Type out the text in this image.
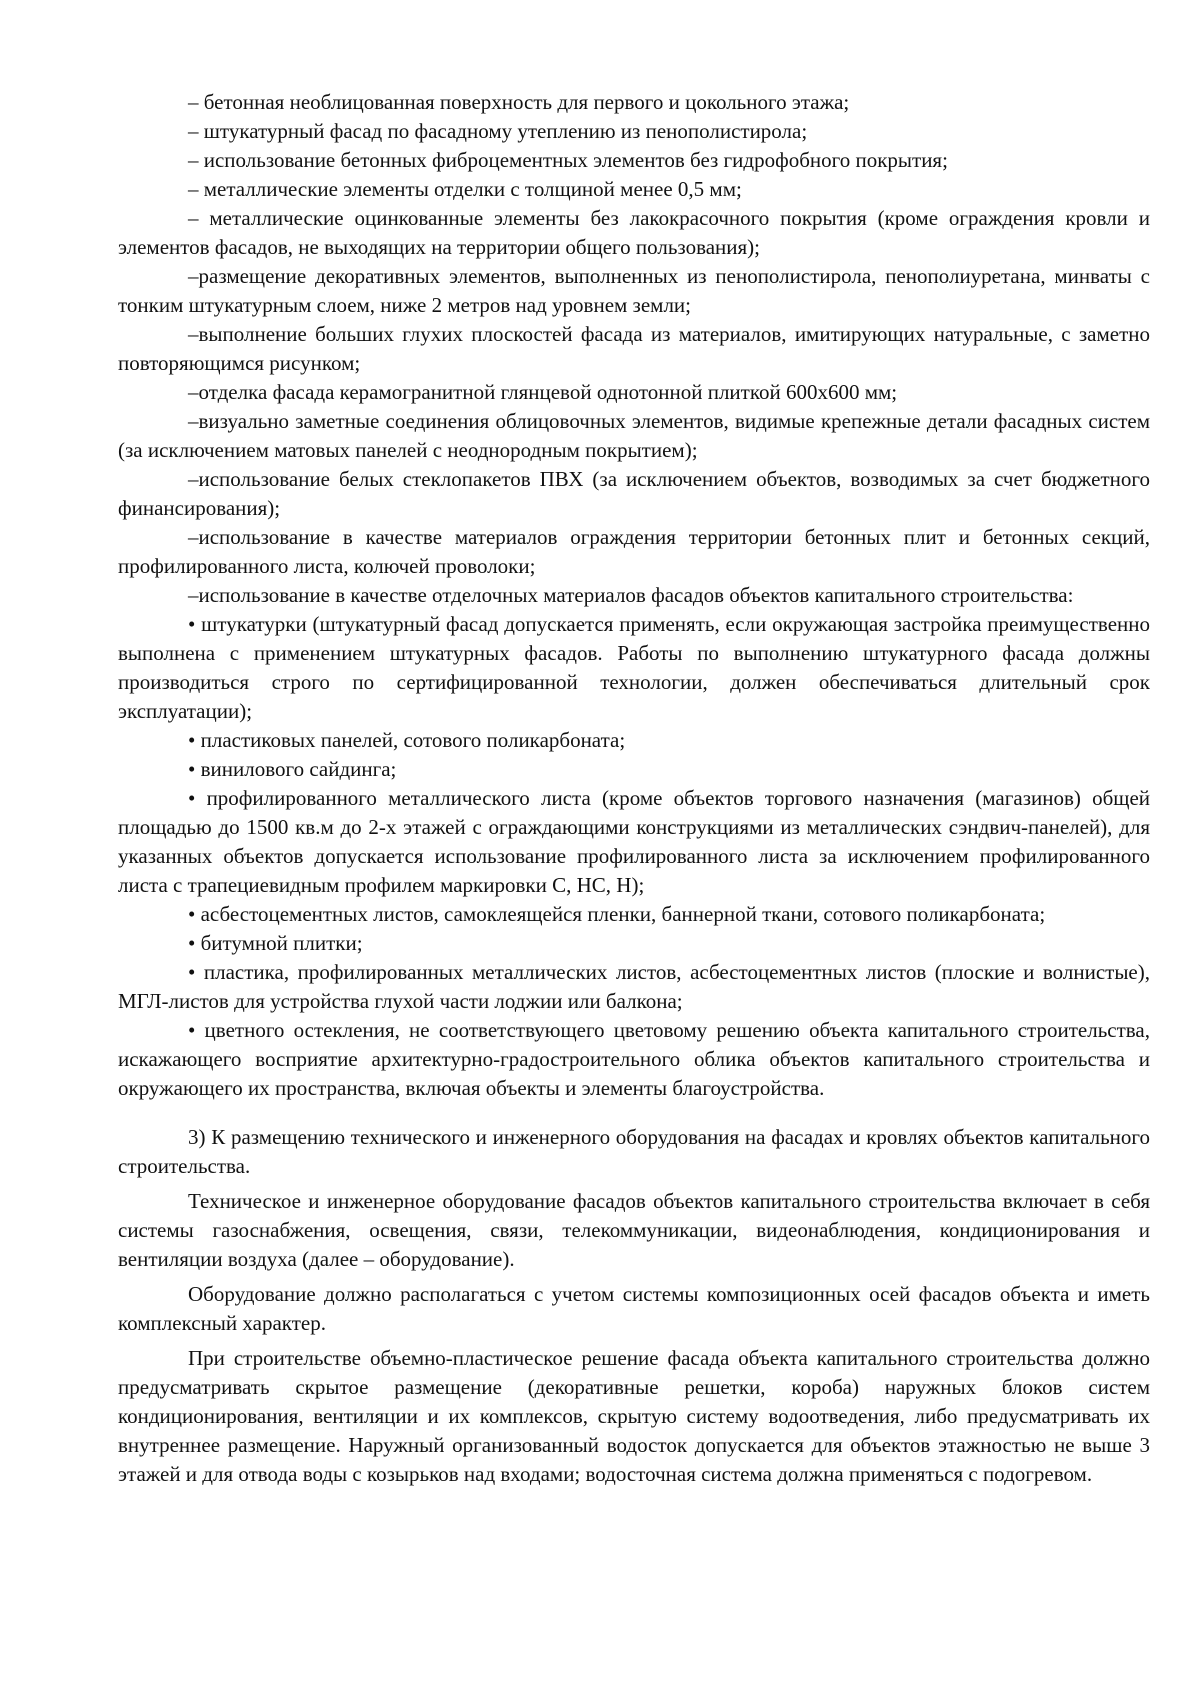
– бетонная необлицованная поверхность для первого и цокольного этажа;

– штукатурный фасад по фасадному утеплению из пенополистирола;

– использование бетонных фиброцементных элементов без гидрофобного покрытия;

– металлические элементы отделки с толщиной менее 0,5 мм;

– металлические оцинкованные элементы без лакокрасочного покрытия (кроме ограждения кровли и элементов фасадов, не выходящих на территории общего пользования);

–размещение декоративных элементов, выполненных из пенополистирола, пенополиуретана, минваты с тонким штукатурным слоем, ниже 2 метров над уровнем земли;

–выполнение больших глухих плоскостей фасада из материалов, имитирующих натуральные, с заметно повторяющимся рисунком;

–отделка фасада керамогранитной глянцевой однотонной плиткой 600х600 мм;

–визуально заметные соединения облицовочных элементов, видимые крепежные детали фасадных систем (за исключением матовых панелей с неоднородным покрытием);

–использование белых стеклопакетов ПВХ (за исключением объектов, возводимых за счет бюджетного финансирования);

–использование в качестве материалов ограждения территории бетонных плит и бетонных секций, профилированного листа, колючей проволоки;

–использование в качестве отделочных материалов фасадов объектов капитального строительства:

• штукатурки (штукатурный фасад допускается применять, если окружающая застройка преимущественно выполнена с применением штукатурных фасадов. Работы по выполнению штукатурного фасада должны производиться строго по сертифицированной технологии, должен обеспечиваться длительный срок эксплуатации);

• пластиковых панелей, сотового поликарбоната;

• винилового сайдинга;

• профилированного металлического листа (кроме объектов торгового назначения (магазинов) общей площадью до 1500 кв.м до 2-х этажей с ограждающими конструкциями из металлических сэндвич-панелей), для указанных объектов допускается использование профилированного листа за исключением профилированного листа с трапециевидным профилем маркировки С, НС, Н);

• асбестоцементных листов, самоклеящейся пленки, баннерной ткани, сотового поликарбоната;

• битумной плитки;

• пластика, профилированных металлических листов, асбестоцементных листов (плоские и волнистые), МГЛ-листов для устройства глухой части лоджии или балкона;

• цветного остекления, не соответствующего цветовому решению объекта капитального строительства, искажающего восприятие архитектурно-градостроительного облика объектов капитального строительства и окружающего их пространства, включая объекты и элементы благоустройства.

3) К размещению технического и инженерного оборудования на фасадах и кровлях объектов капитального строительства.

Техническое и инженерное оборудование фасадов объектов капитального строительства включает в себя системы газоснабжения, освещения, связи, телекоммуникации, видеонаблюдения, кондиционирования и вентиляции воздуха (далее – оборудование).

Оборудование должно располагаться с учетом системы композиционных осей фасадов объекта и иметь комплексный характер.

При строительстве объемно-пластическое решение фасада объекта капитального строительства должно предусматривать скрытое размещение (декоративные решетки, короба) наружных блоков систем кондиционирования, вентиляции и их комплексов, скрытую систему водоотведения, либо предусматривать их внутреннее размещение. Наружный организованный водосток допускается для объектов этажностью не выше 3 этажей и для отвода воды с козырьков над входами; водосточная система должна применяться с подогревом.
